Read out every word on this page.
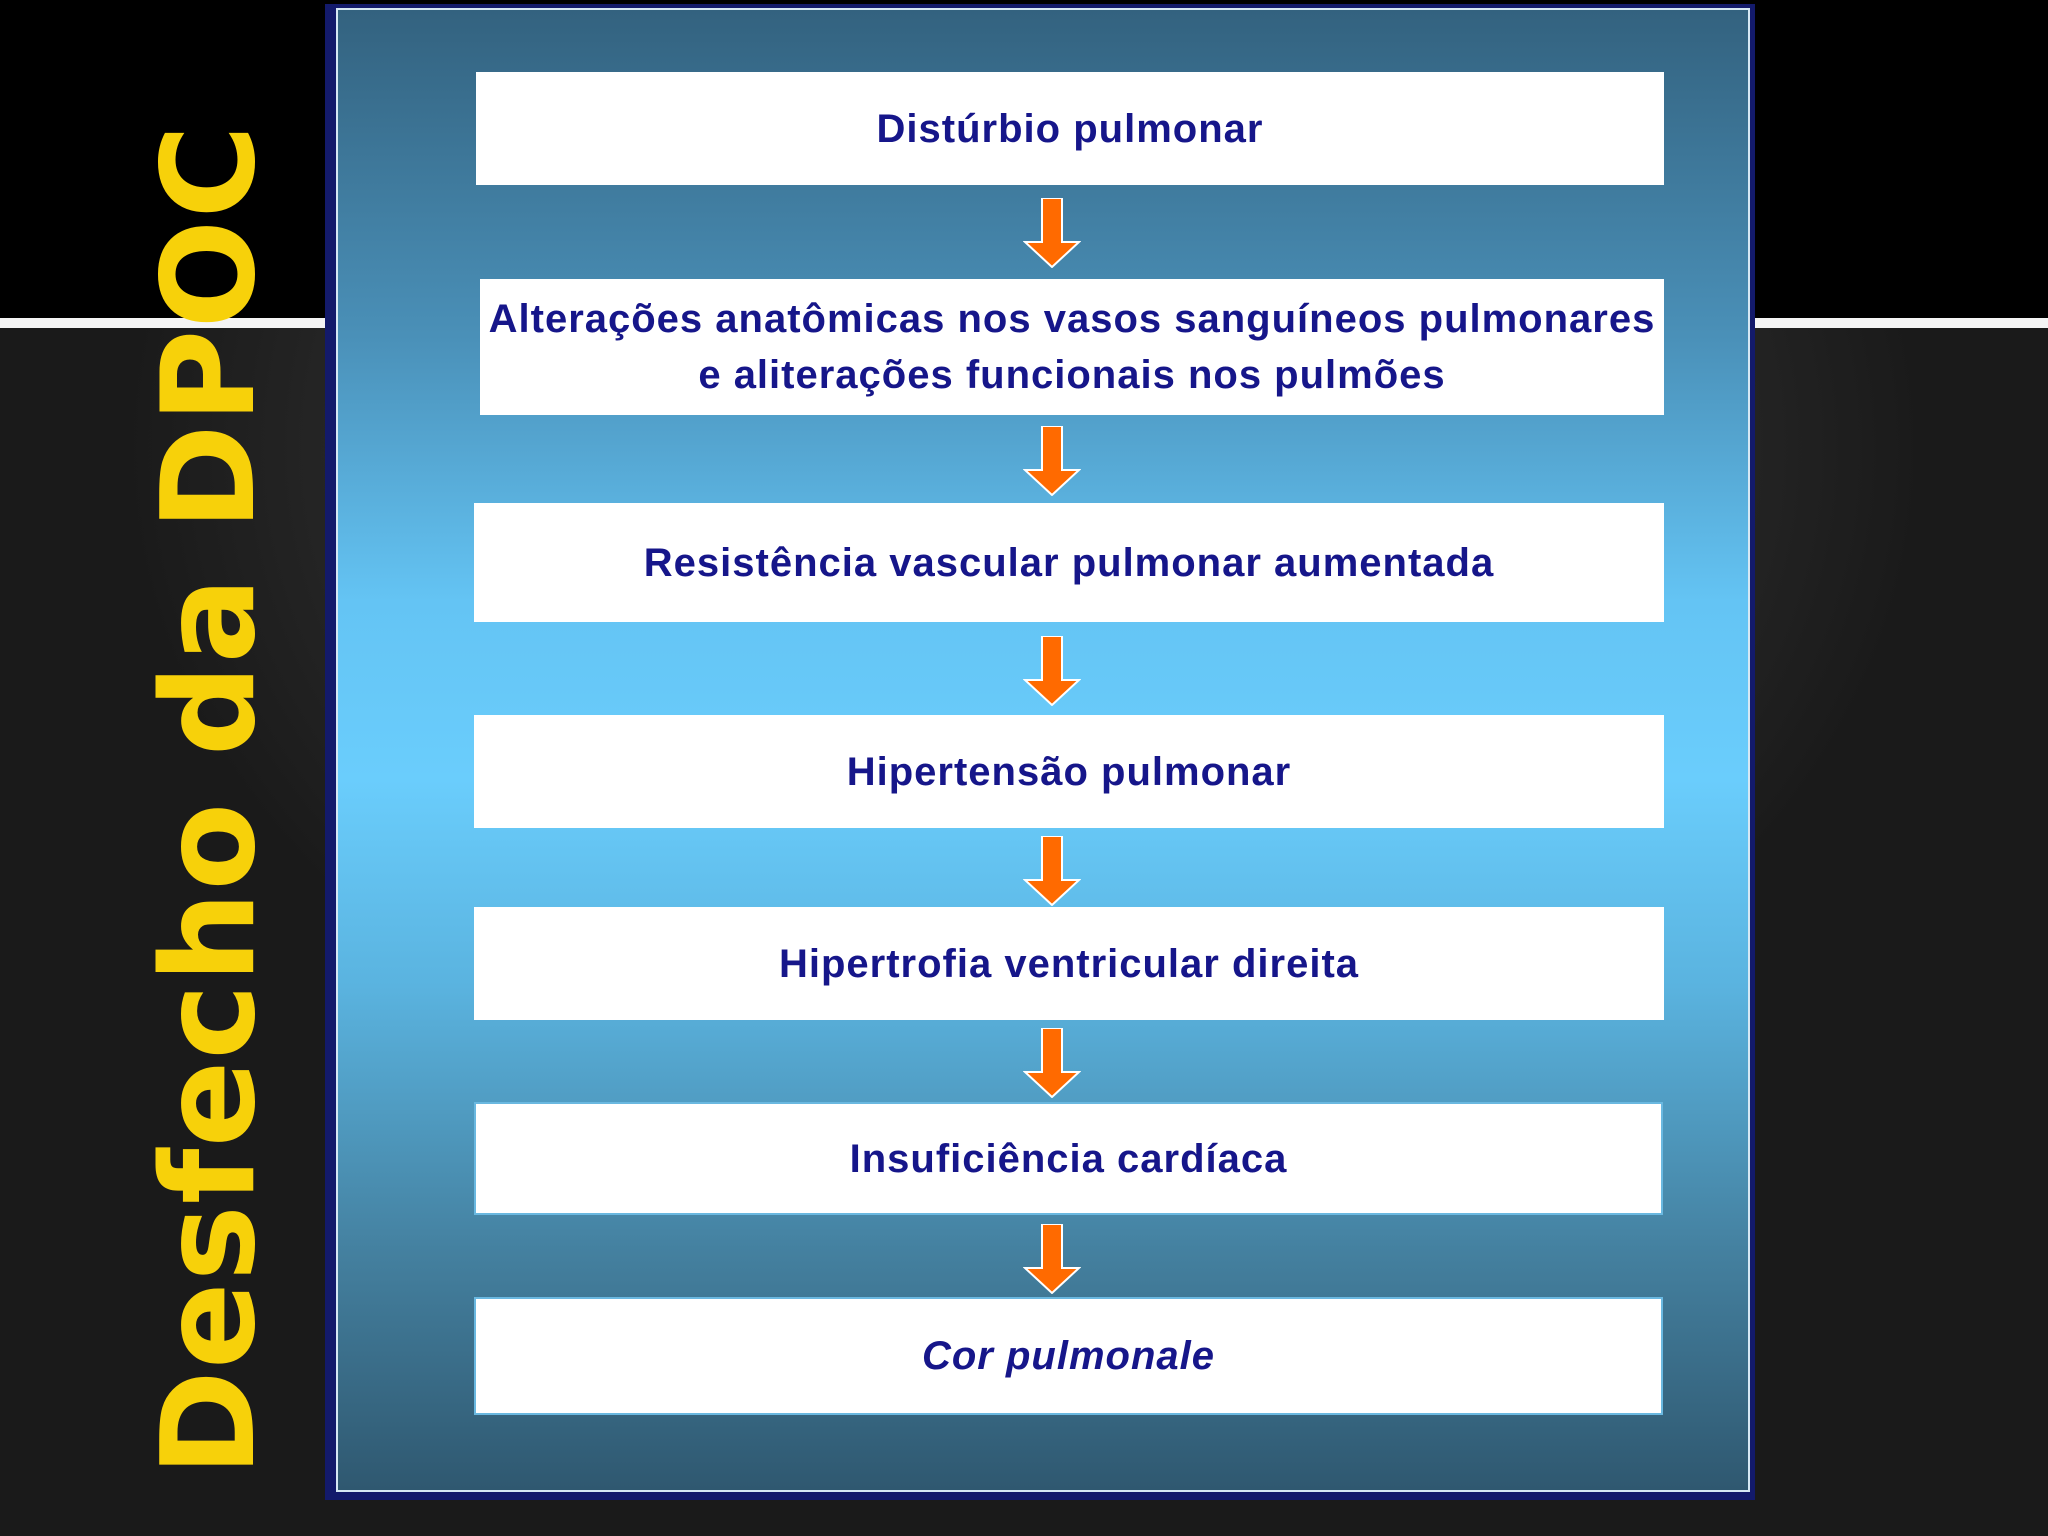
Desfecho da DPOC	Distúrbio pulmonar
Alterações anatômicas nos vasos sanguíneos pulmonares e aliterações funcionais nos pulmões
Resistência vascular pulmonar aumentada
Hipertensão pulmonar
Hipertrofia ventricular direita
Insuficiência cardíaca
Cor pulmonale
